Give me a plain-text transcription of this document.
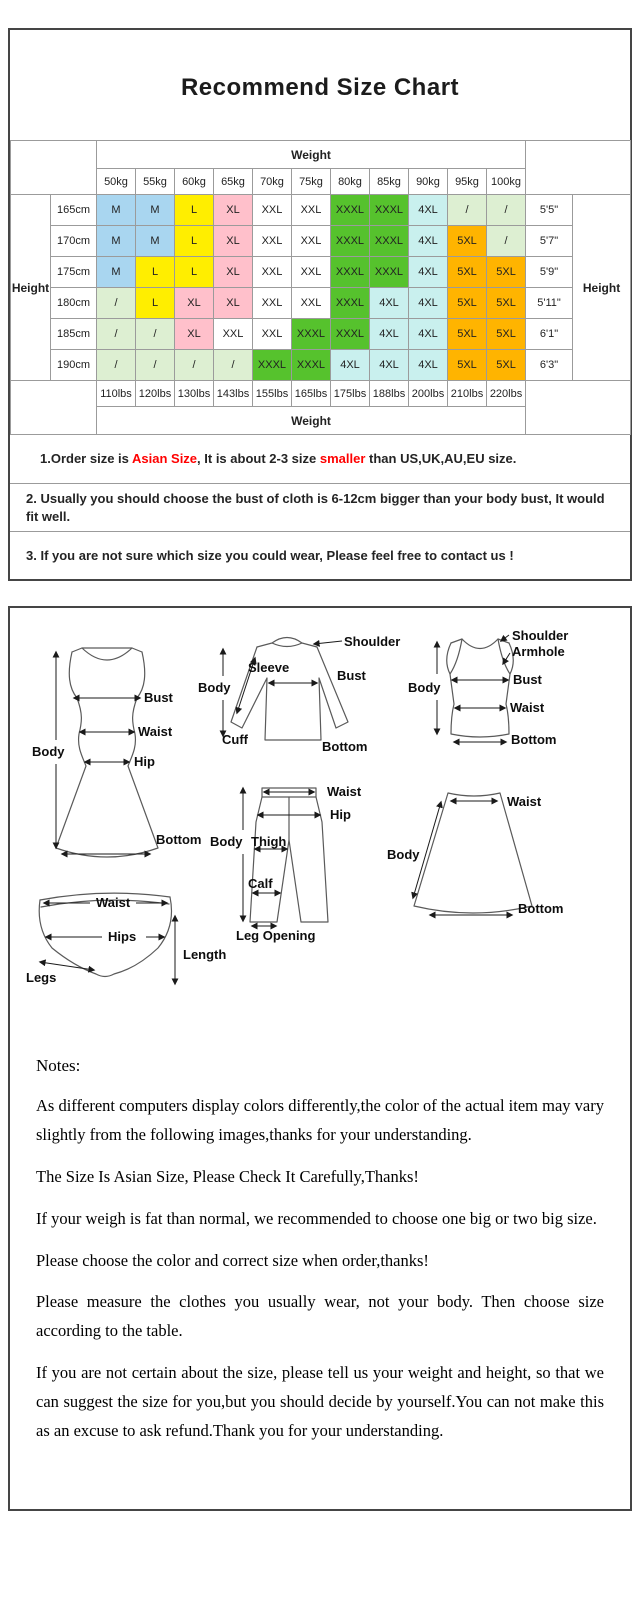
Recommend Size Chart
		Weight												
		50kg	55kg	60kg	65kg	70kg	75kg	80kg	85kg	90kg	95kg	100kg		
Height	165cm	M	M	L	XL	XXL	XXL	XXXL	XXXL	4XL	/	/	5'5"	Height
	170cm	M	M	L	XL	XXL	XXL	XXXL	XXXL	4XL	5XL	/	5'7"	
	175cm	M	L	L	XL	XXL	XXL	XXXL	XXXL	4XL	5XL	5XL	5'9"	
	180cm	/	L	XL	XL	XXL	XXL	XXXL	4XL	4XL	5XL	5XL	5'11"	
	185cm	/	/	XL	XXL	XXL	XXXL	XXXL	4XL	4XL	5XL	5XL	6'1"	
	190cm	/	/	/	/	XXXL	XXXL	4XL	4XL	4XL	5XL	5XL	6'3"	
		110lbs	120lbs	130lbs	143lbs	155lbs	165lbs	175lbs	188lbs	200lbs	210lbs	220lbs		
		Weight												
1.Order size is Asian Size, It is about 2-3 size smaller than US,UK,AU,EU size.
2. Usually you should choose the bust of cloth is 6-12cm bigger than your body bust, It would fit well.
3. If you are not sure which size you could wear, Please feel free to contact us !
Bust
Waist
Hip
Body
Bottom
Shoulder
Sleeve
Body
Bust
Cuff	Bottom
Shoulder
Armhole
Body
Bust
Waist
Bottom
Waist
Hip
Body Thigh
Calf
Leg Opening
Waist
Body
Bottom
Waist
Hips
Legs
Length
Notes:

As different computers display colors differently,the color of the actual item may vary slightly from the following images,thanks for your understanding.

The Size Is Asian Size, Please Check It Carefully,Thanks!

If your weigh is fat than normal, we recommended to choose one big or two big size.

Please choose the color and correct size when order,thanks!

Please measure the clothes you usually wear, not your body. Then choose size according to the table.

If you are not certain about the size, please tell us your weight and height, so that we can suggest the size for you,but you should decide by yourself.You can not make this as an excuse to ask refund.Thank you for your understanding.
